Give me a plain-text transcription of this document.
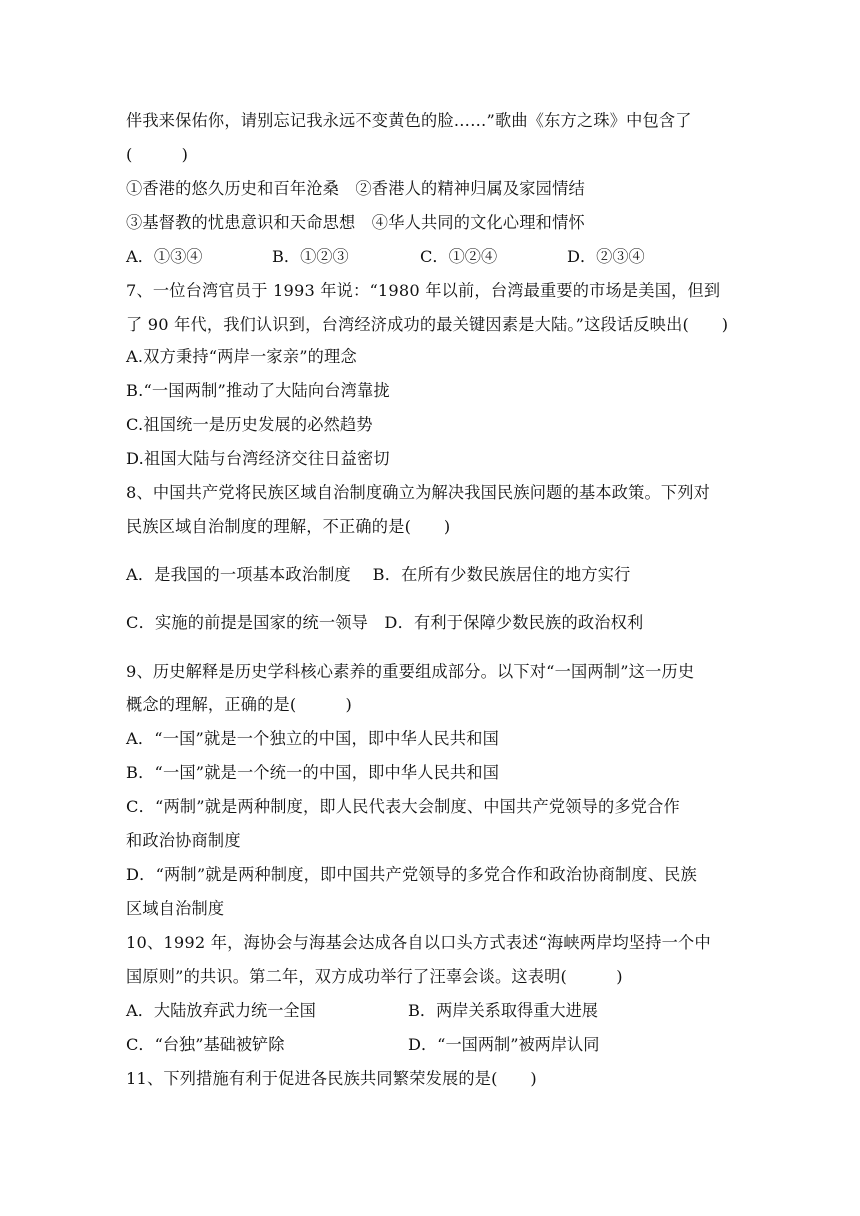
伴我来保佑你，请别忘记我永远不变黄色的脸……”歌曲《东方之珠》中包含了
(　　　)
①香港的悠久历史和百年沧桑　②香港人的精神归属及家园情结
③基督教的忧患意识和天命思想　④华人共同的文化心理和情怀
A．①③④	B．①②③	C．①②④	D．②③④
7、一位台湾官员于 1993 年说：“1980 年以前，台湾最重要的市场是美国，但到
了 90 年代，我们认识到，台湾经济成功的最关键因素是大陆。”这段话反映出(　　)
A.双方秉持“两岸一家亲”的理念
B.“一国两制”推动了大陆向台湾靠拢
C.祖国统一是历史发展的必然趋势
D.祖国大陆与台湾经济交往日益密切
8、中国共产党将民族区域自治制度确立为解决我国民族问题的基本政策。下列对
民族区域自治制度的理解，不正确的是(　　)
A．是我国的一项基本政治制度　 B．在所有少数民族居住的地方实行
C．实施的前提是国家的统一领导　D．有利于保障少数民族的政治权利
9、历史解释是历史学科核心素养的重要组成部分。以下对“一国两制”这一历史
概念的理解，正确的是(　　　)
A．“一国”就是一个独立的中国，即中华人民共和国
B．“一国”就是一个统一的中国，即中华人民共和国
C．“两制”就是两种制度，即人民代表大会制度、中国共产党领导的多党合作
和政治协商制度
D．“两制”就是两种制度，即中国共产党领导的多党合作和政治协商制度、民族
区域自治制度
10、1992 年，海协会与海基会达成各自以口头方式表述“海峡两岸均坚持一个中
国原则”的共识。第二年，双方成功举行了汪辜会谈。这表明(　　　)
A．大陆放弃武力统一全国	B．两岸关系取得重大进展
C．“台独”基础被铲除	D．“一国两制”被两岸认同
11、下列措施有利于促进各民族共同繁荣发展的是(　　)
